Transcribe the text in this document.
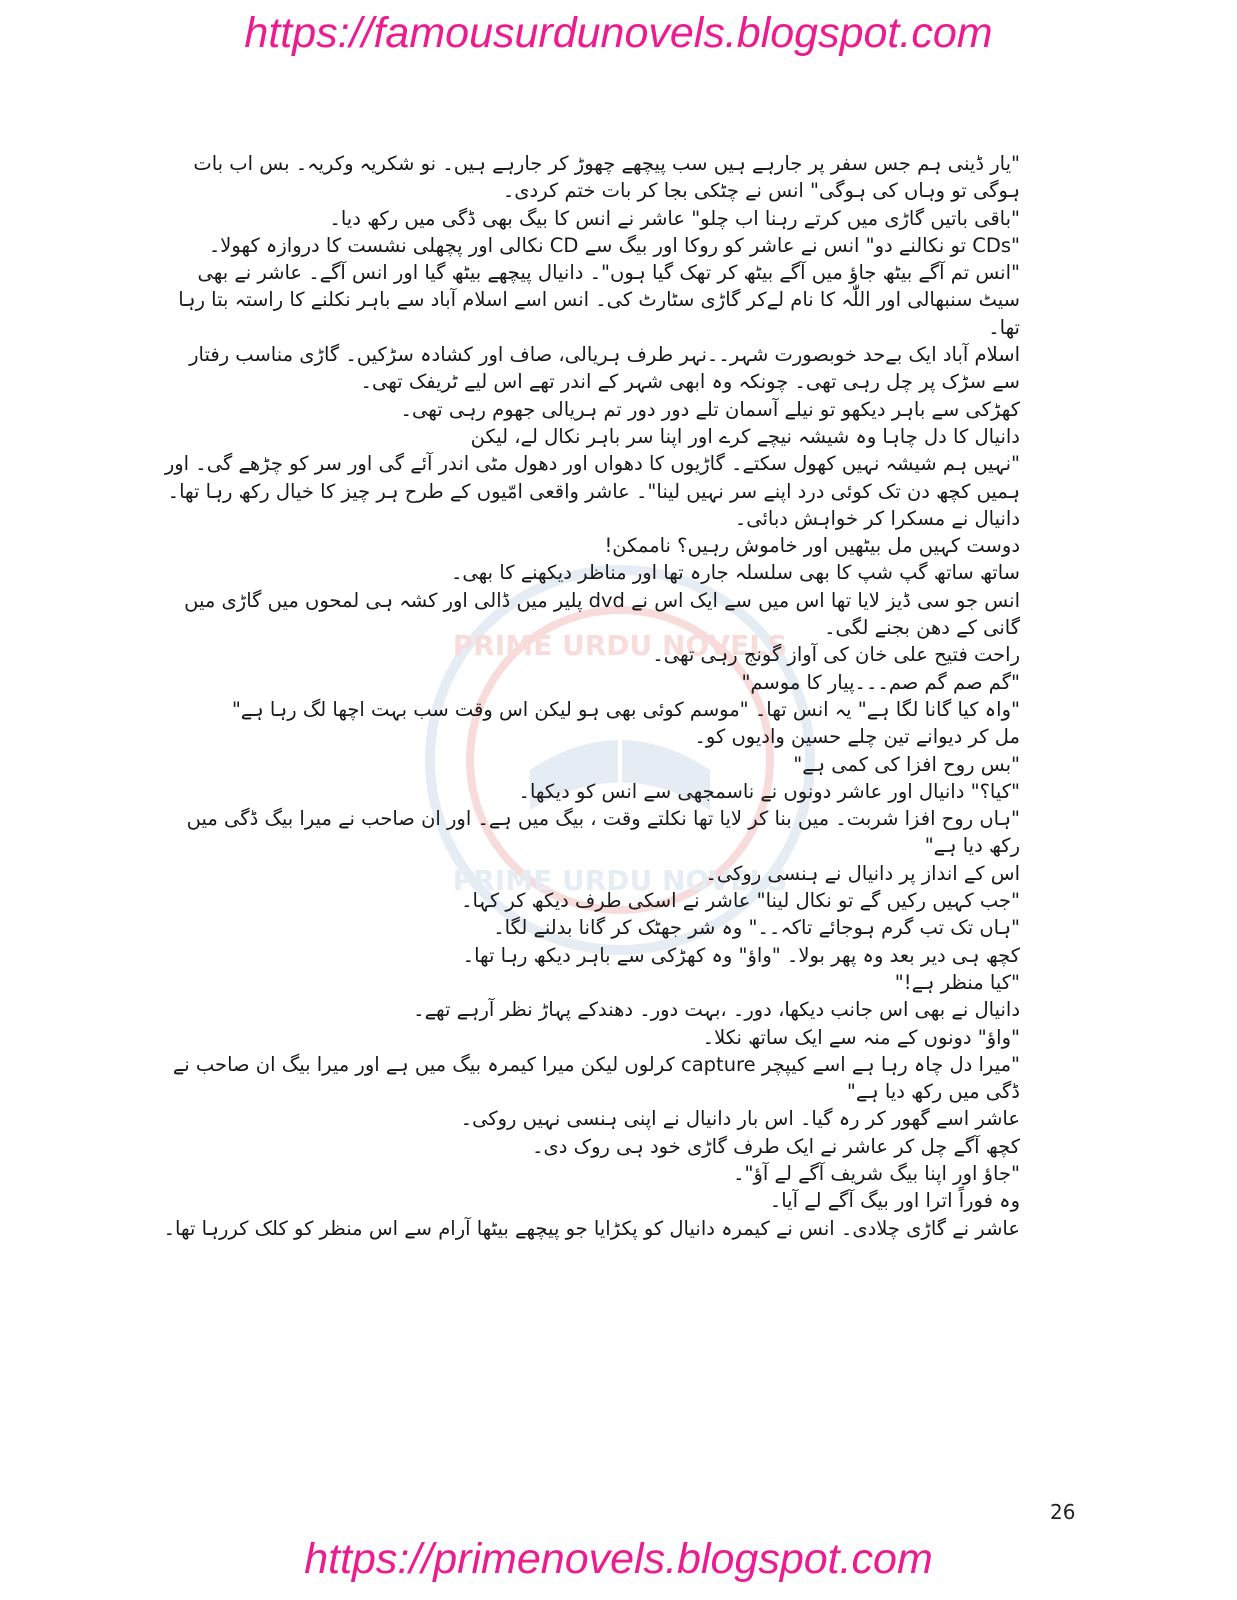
https://famousurdunovels.blogspot.com
PRIME URDU NOVELS
PRIME URDU NOVELS

"یار ڈینی ہم جس سفر پر جارہے ہیں سب پیچھے چھوڑ کر جارہے ہیں۔ نو شکریہ وکریہ۔ بس اب بات ہوگی تو وہاں کی ہوگی" انس نے چٹکی بجا کر بات ختم کردی۔

"باقی باتیں گاڑی میں کرتے رہنا اب چلو" عاشر نے انس کا بیگ بھی ڈگی میں رکھ دیا۔

"CDs تو نکالنے دو" انس نے عاشر کو روکا اور بیگ سے CD نکالی اور پچھلی نشست کا دروازہ کھولا۔

"انس تم آگے بیٹھ جاؤ میں آگے بیٹھ کر تھک گیا ہوں"۔ دانیال پیچھے بیٹھ گیا اور انس آگے۔ عاشر نے بھی سیٹ سنبھالی اور اللّٰہ کا نام لےکر گاڑی سٹارٹ کی۔ انس اسے اسلام آباد سے باہر نکلنے کا راستہ بتا رہا تھا۔

اسلام آباد ایک بےحد خوبصورت شہر۔۔نہر طرف ہریالی، صاف اور کشادہ سڑکیں۔ گاڑی مناسب رفتار سے سڑک پر چل رہی تھی۔ چونکہ وہ ابھی شہر کے اندر تھے اس لیے ٹریفک تھی۔

کھڑکی سے باہر دیکھو تو نیلے آسمان تلے دور دور تم ہریالی جھوم رہی تھی۔

دانیال کا دل چاہا وہ شیشہ نیچے کرے اور اپنا سر باہر نکال لے، لیکن

"نہیں ہم شیشہ نہیں کھول سکتے۔ گاڑیوں کا دھواں اور دھول مٹی اندر آئے گی اور سر کو چڑھے گی۔ اور ہمیں کچھ دن تک کوئی درد اپنے سر نہیں لینا"۔ عاشر واقعی امّیوں کے طرح ہر چیز کا خیال رکھ رہا تھا۔ دانیال نے مسکرا کر خواہش دبائی۔

دوست کہیں مل بیٹھیں اور خاموش رہیں؟ ناممکن!

ساتھ ساتھ گپ شپ کا بھی سلسلہ جارہ تھا اور مناظر دیکھنے کا بھی۔

انس جو سی ڈیز لایا تھا اس میں سے ایک اس نے dvd پلیر میں ڈالی اور کشہ ہی لمحوں میں گاڑی میں گانی کے دھن بجنے لگی۔

راحت فتیح علی خان کی آواز گونج رہی تھی۔

"گم صم گم صم۔۔۔پیار کا موسم"

"واہ کیا گانا لگا ہے" یہ انس تھا۔ "موسم کوئی بھی ہو لیکن اس وقت سب بہت اچھا لگ رہا ہے"

مل کر دیوانے تین چلے حسین وادیوں کو۔

"بس روح افزا کی کمی ہے"

"کیا؟" دانیال اور عاشر دونوں نے ناسمجھی سے انس کو دیکھا۔

"ہاں روح افزا شربت۔ میں بنا کر لایا تھا نکلتے وقت ، بیگ میں ہے۔ اور ان صاحب نے میرا بیگ ڈگی میں رکھ دیا ہے"

اس کے انداز پر دانیال نے ہنسی روکی۔

"جب کہیں رکیں گے تو نکال لینا" عاشر نے اسکی طرف دیکھ کر کہا۔

"ہاں تک تب گرم ہوجائے تاکہ۔۔" وہ شر جھٹک کر گانا بدلنے لگا۔

کچھ ہی دیر بعد وہ پھر بولا۔ "واؤ" وہ کھڑکی سے باہر دیکھ رہا تھا۔

"کیا منظر ہے!"

دانیال نے بھی اس جانب دیکھا، دور۔ ،بہت دور۔ دھندکے پہاڑ نظر آرہے تھے۔

"واؤ" دونوں کے منہ سے ایک ساتھ نکلا۔

"میرا دل چاہ رہا ہے اسے کیپچر capture کرلوں لیکن میرا کیمرہ بیگ میں ہے اور میرا بیگ ان صاحب نے ڈگی میں رکھ دیا ہے"

عاشر اسے گھور کر رہ گیا۔ اس بار دانیال نے اپنی ہنسی نہیں روکی۔

کچھ آگے چل کر عاشر نے ایک طرف گاڑی خود ہی روک دی۔

"جاؤ اور اپنا بیگ شریف آگے لے آؤ"۔

وہ فوراً اترا اور بیگ آگے لے آیا۔

عاشر نے گاڑی چلادی۔ انس نے کیمرہ دانیال کو پکڑایا جو پیچھے بیٹھا آرام سے اس منظر کو کلک کررہا تھا۔

26
https://primenovels.blogspot.com
